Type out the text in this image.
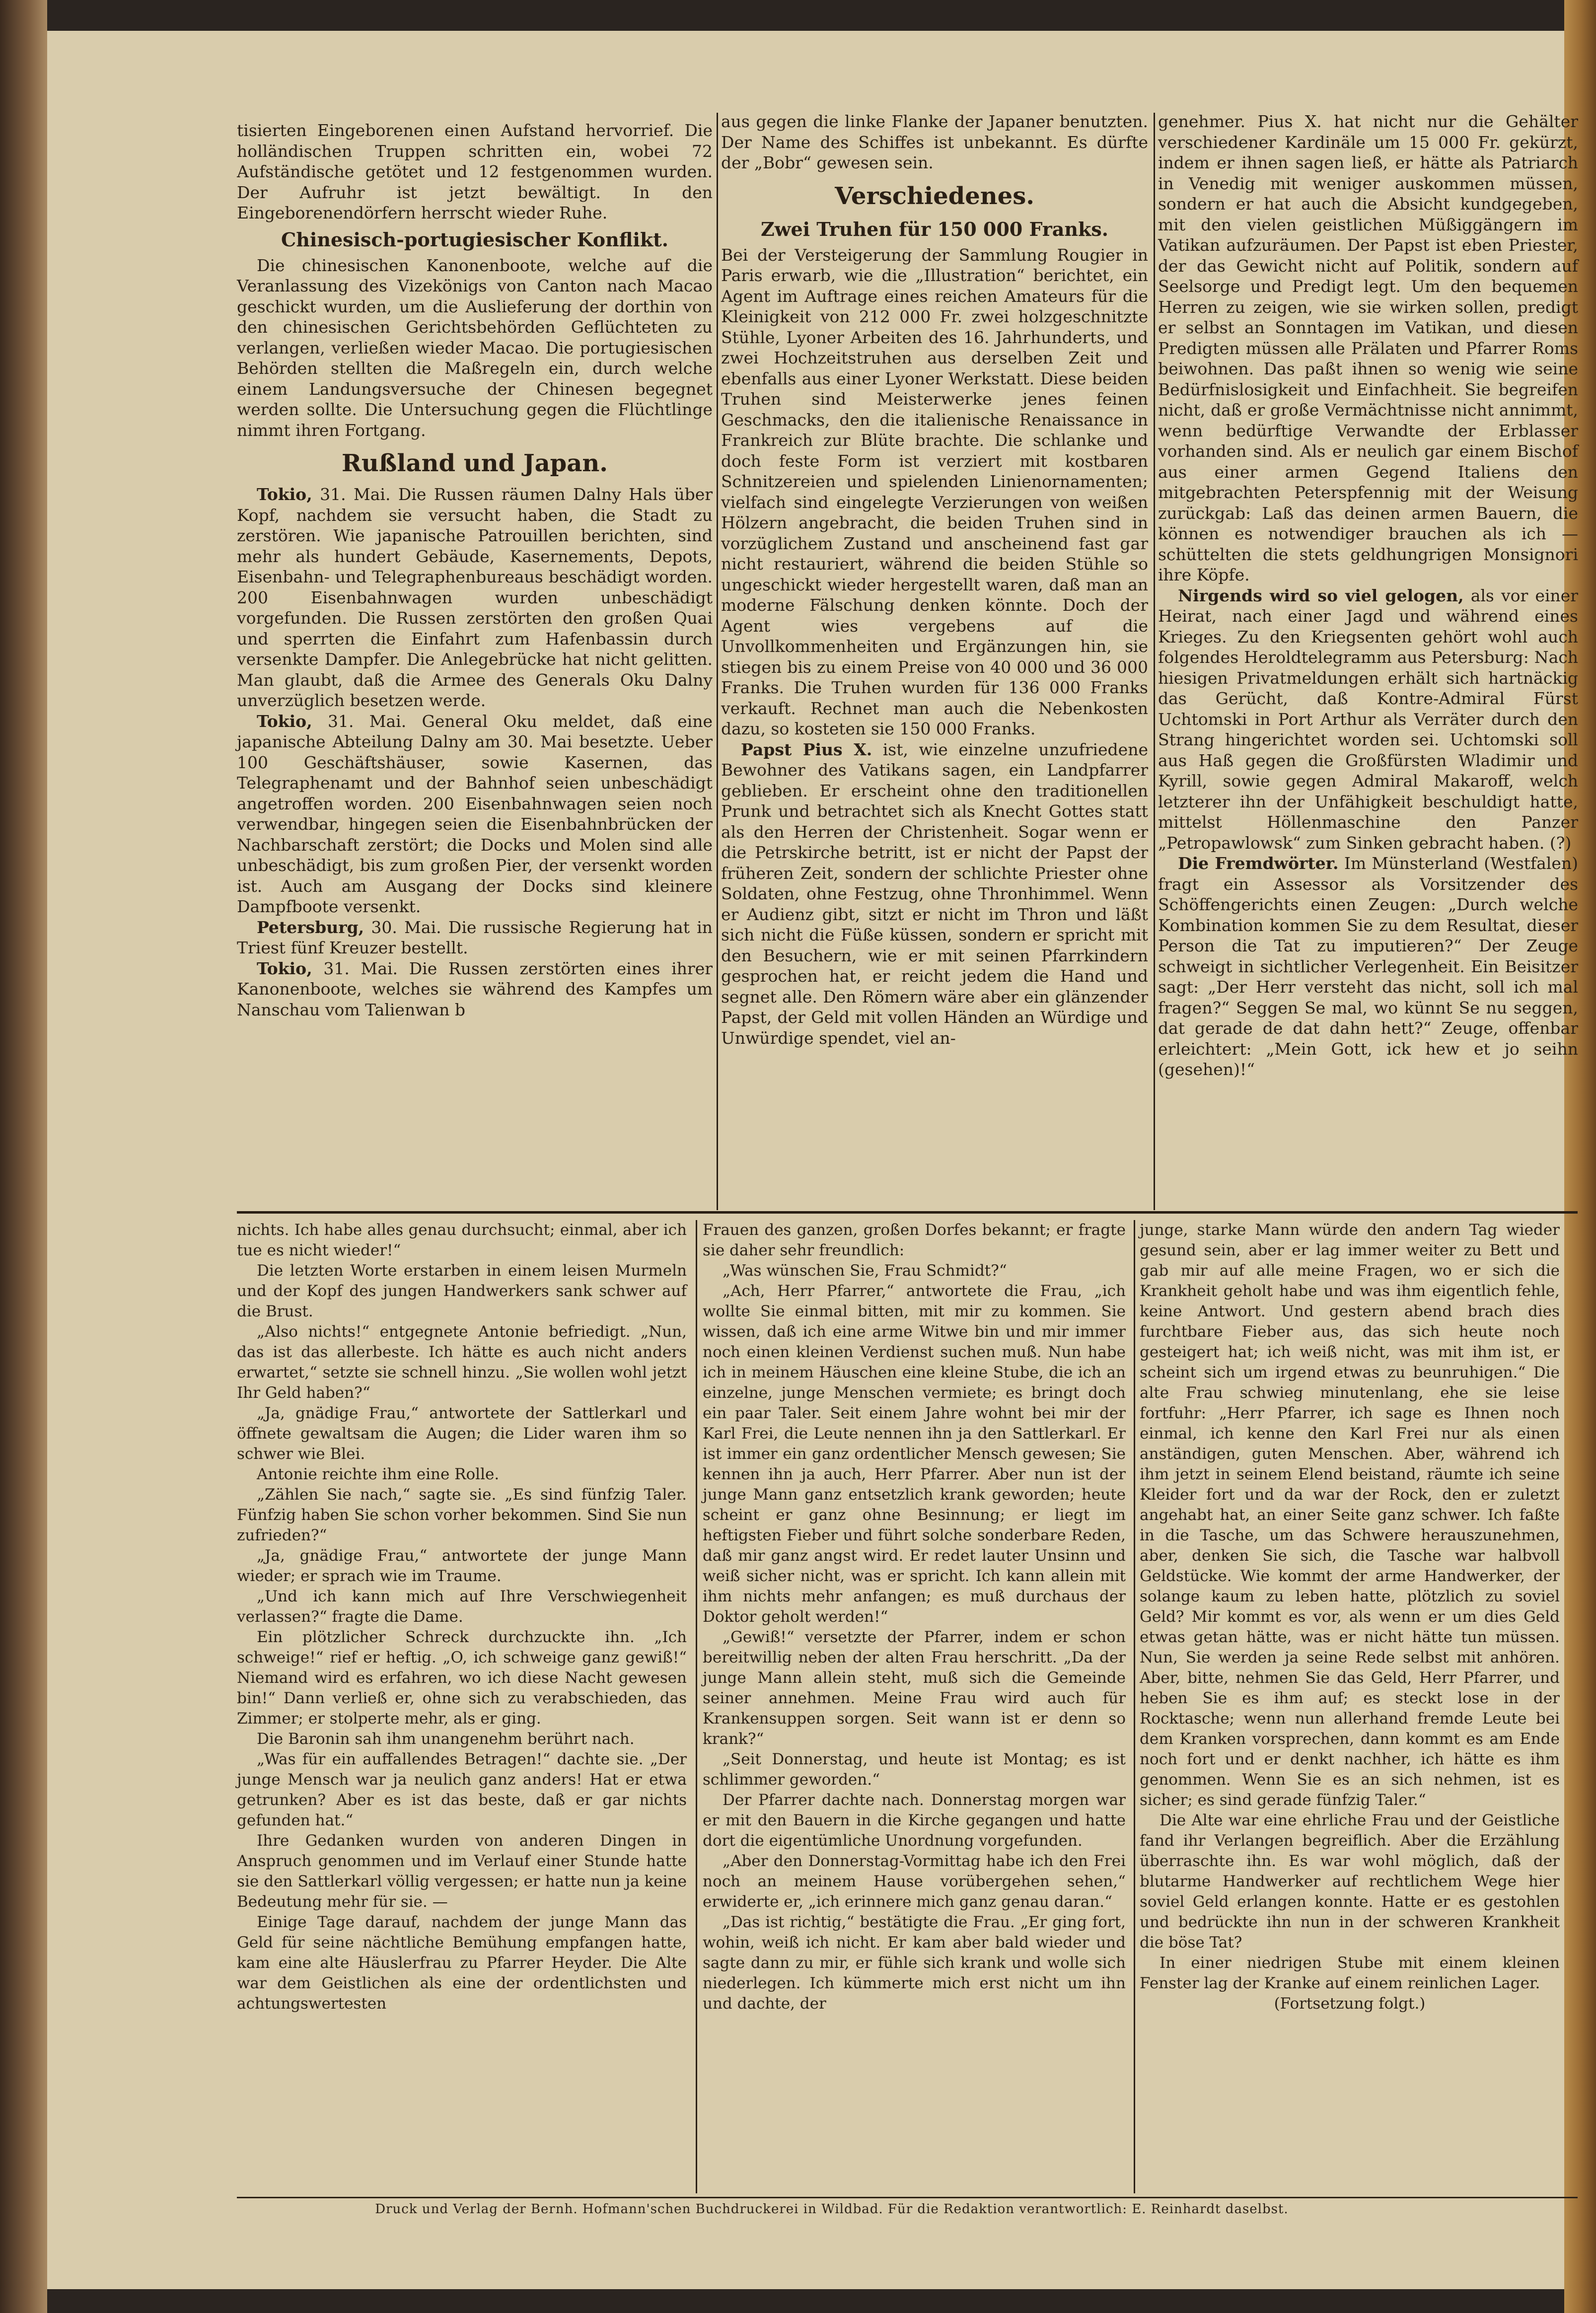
tisierten Eingeborenen einen Aufstand hervorrief. Die holländischen Truppen schritten ein, wobei 72 Aufständische getötet und 12 festgenommen wurden. Der Aufruhr ist jetzt bewältigt. In den Eingeborenendörfern herrscht wieder Ruhe.

Chinesisch-portugiesischer Konflikt.

Die chinesischen Kanonenboote, welche auf die Veranlassung des Vizekönigs von Canton nach Macao geschickt wurden, um die Auslieferung der dorthin von den chinesischen Gerichtsbehörden Geflüchteten zu verlangen, verließen wieder Macao. Die portugiesischen Behörden stellten die Maßregeln ein, durch welche einem Landungsversuche der Chinesen begegnet werden sollte. Die Untersuchung gegen die Flüchtlinge nimmt ihren Fortgang.

Rußland und Japan.

Tokio, 31. Mai. Die Russen räumen Dalny Hals über Kopf, nachdem sie versucht haben, die Stadt zu zerstören. Wie japanische Patrouillen berichten, sind mehr als hundert Gebäude, Kasernements, Depots, Eisenbahn- und Telegraphenbureaus beschädigt worden. 200 Eisenbahnwagen wurden unbeschädigt vorgefunden. Die Russen zerstörten den großen Quai und sperrten die Einfahrt zum Hafenbassin durch versenkte Dampfer. Die Anlegebrücke hat nicht gelitten. Man glaubt, daß die Armee des Generals Oku Dalny unverzüglich besetzen werde.

Tokio, 31. Mai. General Oku meldet, daß eine japanische Abteilung Dalny am 30. Mai besetzte. Ueber 100 Geschäftshäuser, sowie Kasernen, das Telegraphenamt und der Bahnhof seien unbeschädigt angetroffen worden. 200 Eisenbahnwagen seien noch verwendbar, hingegen seien die Eisenbahnbrücken der Nachbarschaft zerstört; die Docks und Molen sind alle unbeschädigt, bis zum großen Pier, der versenkt worden ist. Auch am Ausgang der Docks sind kleinere Dampfboote versenkt.

Petersburg, 30. Mai. Die russische Regierung hat in Triest fünf Kreuzer bestellt.

Tokio, 31. Mai. Die Russen zerstörten eines ihrer Kanonenboote, welches sie während des Kampfes um Nanschau vom Talienwan b

aus gegen die linke Flanke der Japaner benutzten. Der Name des Schiffes ist unbekannt. Es dürfte der „Bobr“ gewesen sein.

Verschiedenes.
Zwei Truhen für 150 000 Franks.

Bei der Versteigerung der Sammlung Rougier in Paris erwarb, wie die „Illustration“ berichtet, ein Agent im Auftrage eines reichen Amateurs für die Kleinigkeit von 212 000 Fr. zwei holzgeschnitzte Stühle, Lyoner Arbeiten des 16. Jahrhunderts, und zwei Hochzeitstruhen aus derselben Zeit und ebenfalls aus einer Lyoner Werkstatt. Diese beiden Truhen sind Meisterwerke jenes feinen Geschmacks, den die italienische Renaissance in Frankreich zur Blüte brachte. Die schlanke und doch feste Form ist verziert mit kostbaren Schnitzereien und spielenden Linienornamenten; vielfach sind eingelegte Verzierungen von weißen Hölzern angebracht, die beiden Truhen sind in vorzüglichem Zustand und anscheinend fast gar nicht restauriert, während die beiden Stühle so ungeschickt wieder hergestellt waren, daß man an moderne Fälschung denken könnte. Doch der Agent wies vergebens auf die Unvollkommenheiten und Ergänzungen hin, sie stiegen bis zu einem Preise von 40 000 und 36 000 Franks. Die Truhen wurden für 136 000 Franks verkauft. Rechnet man auch die Nebenkosten dazu, so kosteten sie 150 000 Franks.

Papst Pius X. ist, wie einzelne unzufriedene Bewohner des Vatikans sagen, ein Landpfarrer geblieben. Er erscheint ohne den traditionellen Prunk und betrachtet sich als Knecht Gottes statt als den Herren der Christenheit. Sogar wenn er die Petrskirche betritt, ist er nicht der Papst der früheren Zeit, sondern der schlichte Priester ohne Soldaten, ohne Festzug, ohne Thronhimmel. Wenn er Audienz gibt, sitzt er nicht im Thron und läßt sich nicht die Füße küssen, sondern er spricht mit den Besuchern, wie er mit seinen Pfarrkindern gesprochen hat, er reicht jedem die Hand und segnet alle. Den Römern wäre aber ein glänzender Papst, der Geld mit vollen Händen an Würdige und Unwürdige spendet, viel an-

genehmer. Pius X. hat nicht nur die Gehälter verschiedener Kardinäle um 15 000 Fr. gekürzt, indem er ihnen sagen ließ, er hätte als Patriarch in Venedig mit weniger auskommen müssen, sondern er hat auch die Absicht kundgegeben, mit den vielen geistlichen Müßiggängern im Vatikan aufzuräumen. Der Papst ist eben Priester, der das Gewicht nicht auf Politik, sondern auf Seelsorge und Predigt legt. Um den bequemen Herren zu zeigen, wie sie wirken sollen, predigt er selbst an Sonntagen im Vatikan, und diesen Predigten müssen alle Prälaten und Pfarrer Roms beiwohnen. Das paßt ihnen so wenig wie seine Bedürfnislosigkeit und Einfachheit. Sie begreifen nicht, daß er große Vermächtnisse nicht annimmt, wenn bedürftige Verwandte der Erblasser vorhanden sind. Als er neulich gar einem Bischof aus einer armen Gegend Italiens den mitgebrachten Peterspfennig mit der Weisung zurückgab: Laß das deinen armen Bauern, die können es notwendiger brauchen als ich — schüttelten die stets geldhungrigen Monsignori ihre Köpfe.

Nirgends wird so viel gelogen, als vor einer Heirat, nach einer Jagd und während eines Krieges. Zu den Kriegsenten gehört wohl auch folgendes Heroldtelegramm aus Petersburg: Nach hiesigen Privatmeldungen erhält sich hartnäckig das Gerücht, daß Kontre-Admiral Fürst Uchtomski in Port Arthur als Verräter durch den Strang hingerichtet worden sei. Uchtomski soll aus Haß gegen die Großfürsten Wladimir und Kyrill, sowie gegen Admiral Makaroff, welch letzterer ihn der Unfähigkeit beschuldigt hatte, mittelst Höllenmaschine den Panzer „Petropawlowsk“ zum Sinken gebracht haben. (?)

Die Fremdwörter. Im Münsterland (Westfalen) fragt ein Assessor als Vorsitzender des Schöffengerichts einen Zeugen: „Durch welche Kombination kommen Sie zu dem Resultat, dieser Person die Tat zu imputieren?“ Der Zeuge schweigt in sichtlicher Verlegenheit. Ein Beisitzer sagt: „Der Herr versteht das nicht, soll ich mal fragen?“ Seggen Se mal, wo künnt Se nu seggen, dat gerade de dat dahn hett?“ Zeuge, offenbar erleichtert: „Mein Gott, ick hew et jo seihn (gesehen)!“

nichts. Ich habe alles genau durchsucht; einmal, aber ich tue es nicht wieder!“

Die letzten Worte erstarben in einem leisen Murmeln und der Kopf des jungen Handwerkers sank schwer auf die Brust.

„Also nichts!“ entgegnete Antonie befriedigt. „Nun, das ist das allerbeste. Ich hätte es auch nicht anders erwartet,“ setzte sie schnell hinzu. „Sie wollen wohl jetzt Ihr Geld haben?“

„Ja, gnädige Frau,“ antwortete der Sattlerkarl und öffnete gewaltsam die Augen; die Lider waren ihm so schwer wie Blei.

Antonie reichte ihm eine Rolle.

„Zählen Sie nach,“ sagte sie. „Es sind fünfzig Taler. Fünfzig haben Sie schon vorher bekommen. Sind Sie nun zufrieden?“

„Ja, gnädige Frau,“ antwortete der junge Mann wieder; er sprach wie im Traume.

„Und ich kann mich auf Ihre Verschwiegenheit verlassen?“ fragte die Dame.

Ein plötzlicher Schreck durchzuckte ihn. „Ich schweige!“ rief er heftig. „O, ich schweige ganz gewiß!“ Niemand wird es erfahren, wo ich diese Nacht gewesen bin!“ Dann verließ er, ohne sich zu verabschieden, das Zimmer; er stolperte mehr, als er ging.

Die Baronin sah ihm unangenehm berührt nach.

„Was für ein auffallendes Betragen!“ dachte sie. „Der junge Mensch war ja neulich ganz anders! Hat er etwa getrunken? Aber es ist das beste, daß er gar nichts gefunden hat.“

Ihre Gedanken wurden von anderen Dingen in Anspruch genommen und im Verlauf einer Stunde hatte sie den Sattlerkarl völlig vergessen; er hatte nun ja keine Bedeutung mehr für sie. —

Einige Tage darauf, nachdem der junge Mann das Geld für seine nächtliche Bemühung empfangen hatte, kam eine alte Häuslerfrau zu Pfarrer Heyder. Die Alte war dem Geistlichen als eine der ordentlichsten und achtungswertesten

Frauen des ganzen, großen Dorfes bekannt; er fragte sie daher sehr freundlich:

„Was wünschen Sie, Frau Schmidt?“

„Ach, Herr Pfarrer,“ antwortete die Frau, „ich wollte Sie einmal bitten, mit mir zu kommen. Sie wissen, daß ich eine arme Witwe bin und mir immer noch einen kleinen Verdienst suchen muß. Nun habe ich in meinem Häuschen eine kleine Stube, die ich an einzelne, junge Menschen vermiete; es bringt doch ein paar Taler. Seit einem Jahre wohnt bei mir der Karl Frei, die Leute nennen ihn ja den Sattlerkarl. Er ist immer ein ganz ordentlicher Mensch gewesen; Sie kennen ihn ja auch, Herr Pfarrer. Aber nun ist der junge Mann ganz entsetzlich krank geworden; heute scheint er ganz ohne Besinnung; er liegt im heftigsten Fieber und führt solche sonderbare Reden, daß mir ganz angst wird. Er redet lauter Unsinn und weiß sicher nicht, was er spricht. Ich kann allein mit ihm nichts mehr anfangen; es muß durchaus der Doktor geholt werden!“

„Gewiß!“ versetzte der Pfarrer, indem er schon bereitwillig neben der alten Frau herschritt. „Da der junge Mann allein steht, muß sich die Gemeinde seiner annehmen. Meine Frau wird auch für Krankensuppen sorgen. Seit wann ist er denn so krank?“

„Seit Donnerstag, und heute ist Montag; es ist schlimmer geworden.“

Der Pfarrer dachte nach. Donnerstag morgen war er mit den Bauern in die Kirche gegangen und hatte dort die eigentümliche Unordnung vorgefunden.

„Aber den Donnerstag-Vormittag habe ich den Frei noch an meinem Hause vorübergehen sehen,“ erwiderte er, „ich erinnere mich ganz genau daran.“

„Das ist richtig,“ bestätigte die Frau. „Er ging fort, wohin, weiß ich nicht. Er kam aber bald wieder und sagte dann zu mir, er fühle sich krank und wolle sich niederlegen. Ich kümmerte mich erst nicht um ihn und dachte, der

junge, starke Mann würde den andern Tag wieder gesund sein, aber er lag immer weiter zu Bett und gab mir auf alle meine Fragen, wo er sich die Krankheit geholt habe und was ihm eigentlich fehle, keine Antwort. Und gestern abend brach dies furchtbare Fieber aus, das sich heute noch gesteigert hat; ich weiß nicht, was mit ihm ist, er scheint sich um irgend etwas zu beunruhigen.“ Die alte Frau schwieg minutenlang, ehe sie leise fortfuhr: „Herr Pfarrer, ich sage es Ihnen noch einmal, ich kenne den Karl Frei nur als einen anständigen, guten Menschen. Aber, während ich ihm jetzt in seinem Elend beistand, räumte ich seine Kleider fort und da war der Rock, den er zuletzt angehabt hat, an einer Seite ganz schwer. Ich faßte in die Tasche, um das Schwere herauszunehmen, aber, denken Sie sich, die Tasche war halbvoll Geldstücke. Wie kommt der arme Handwerker, der solange kaum zu leben hatte, plötzlich zu soviel Geld? Mir kommt es vor, als wenn er um dies Geld etwas getan hätte, was er nicht hätte tun müssen. Nun, Sie werden ja seine Rede selbst mit anhören. Aber, bitte, nehmen Sie das Geld, Herr Pfarrer, und heben Sie es ihm auf; es steckt lose in der Rocktasche; wenn nun allerhand fremde Leute bei dem Kranken vorsprechen, dann kommt es am Ende noch fort und er denkt nachher, ich hätte es ihm genommen. Wenn Sie es an sich nehmen, ist es sicher; es sind gerade fünfzig Taler.“

Die Alte war eine ehrliche Frau und der Geistliche fand ihr Verlangen begreiflich. Aber die Erzählung überraschte ihn. Es war wohl möglich, daß der blutarme Handwerker auf rechtlichem Wege hier soviel Geld erlangen konnte. Hatte er es gestohlen und bedrückte ihn nun in der schweren Krankheit die böse Tat?

In einer niedrigen Stube mit einem kleinen Fenster lag der Kranke auf einem reinlichen Lager.

(Fortsetzung folgt.)

Druck und Verlag der Bernh. Hofmann'schen Buchdruckerei in Wildbad. Für die Redaktion verantwortlich: E. Reinhardt daselbst.
